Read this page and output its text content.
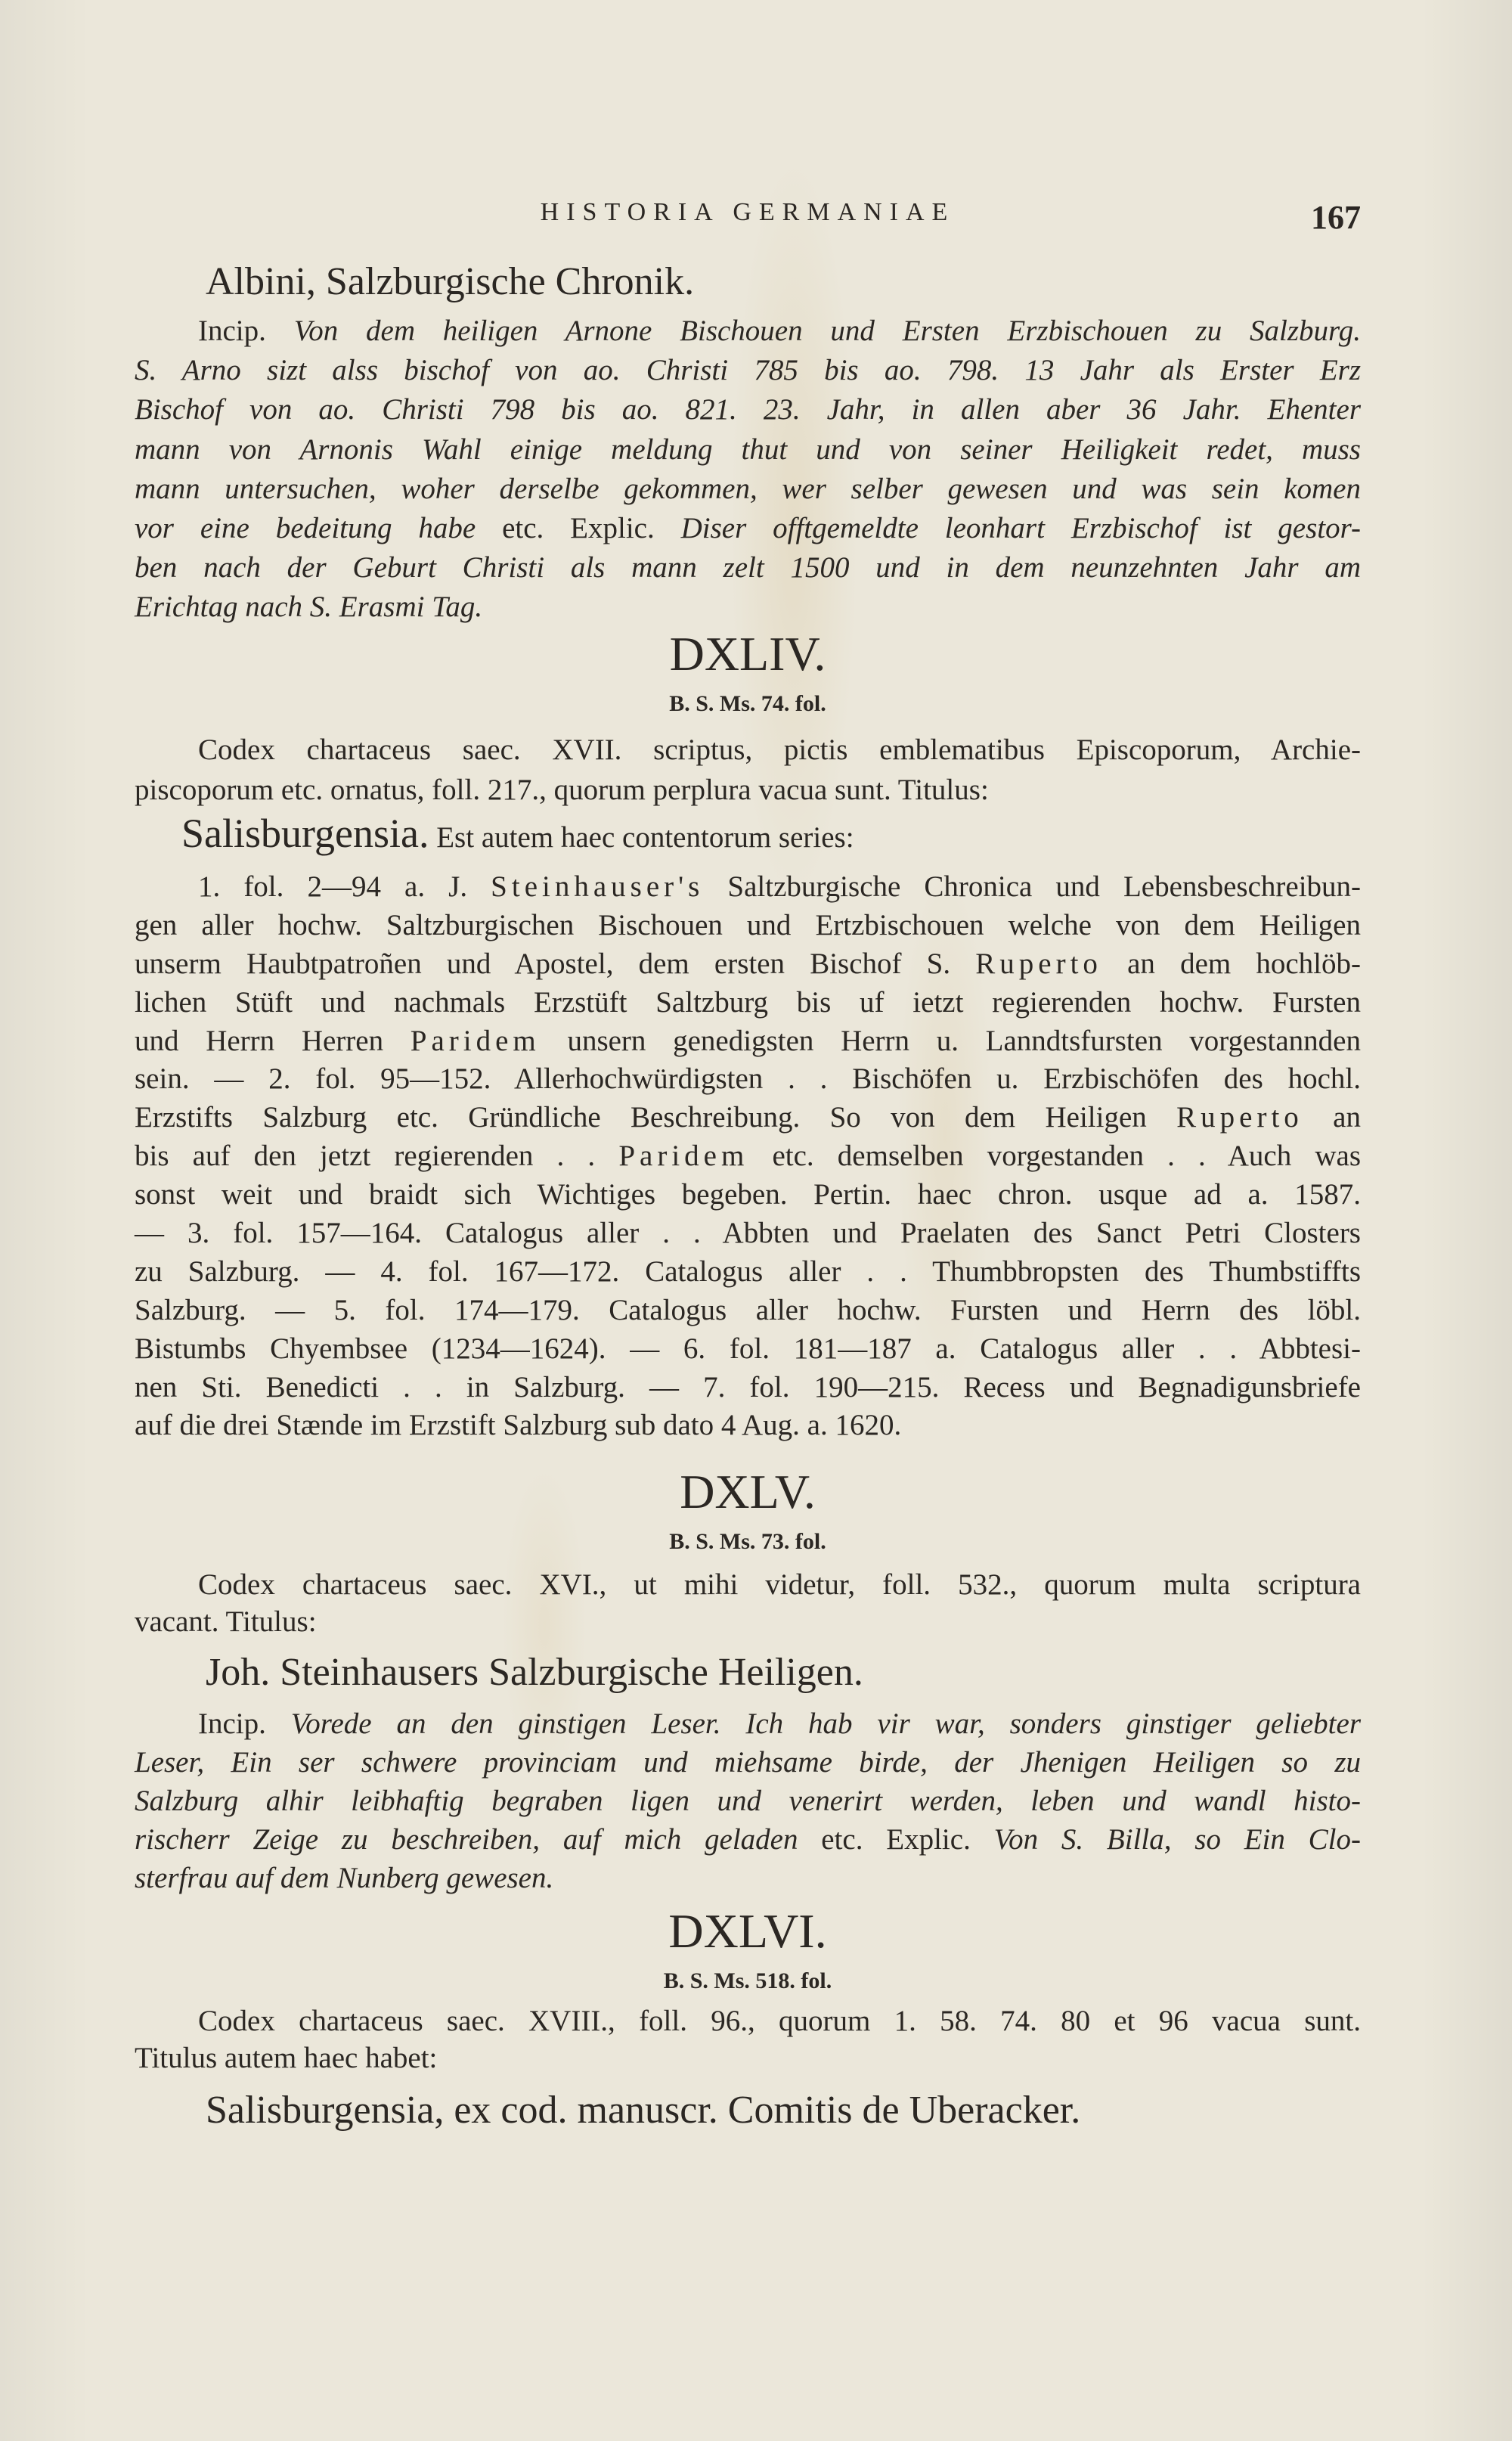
HISTORIA GERMANIAE	167
Albini, Salzburgische Chronik.
Incip. Von dem heiligen Arnone Bischouen und Ersten Erzbischouen zu Salzburg.
S. Arno sizt alss bischof von ao. Christi 785 bis ao. 798. 13 Jahr als Erster Erz
Bischof von ao. Christi 798 bis ao. 821. 23. Jahr, in allen aber 36 Jahr. Ehenter
mann von Arnonis Wahl einige meldung thut und von seiner Heiligkeit redet, muss
mann untersuchen, woher derselbe gekommen, wer selber gewesen und was sein komen
vor eine bedeitung habe etc. Explic. Diser offtgemeldte leonhart Erzbischof ist gestor-
ben nach der Geburt Christi als mann zelt 1500 und in dem neunzehnten Jahr am
Erichtag nach S. Erasmi Tag.
DXLIV.
B. S. Ms. 74. fol.
Codex chartaceus saec. XVII. scriptus, pictis emblematibus Episcoporum, Archie-
piscoporum etc. ornatus, foll. 217., quorum perplura vacua sunt. Titulus:
Salisburgensia. Est autem haec contentorum series:
1. fol. 2—94 a. J. Steinhauser's Saltzburgische Chronica und Lebensbeschreibun-
gen aller hochw. Saltzburgischen Bischouen und Ertzbischouen welche von dem Heiligen
unserm Haubtpatroñen und Apostel, dem ersten Bischof S. Ruperto an dem hochlöb-
lichen Stüft und nachmals Erzstüft Saltzburg bis uf ietzt regierenden hochw. Fursten
und Herrn Herren Paridem unsern genedigsten Herrn u. Lanndtsfursten vorgestannden
sein. — 2. fol. 95—152. Allerhochwürdigsten . . Bischöfen u. Erzbischöfen des hochl.
Erzstifts Salzburg etc. Gründliche Beschreibung. So von dem Heiligen Ruperto an
bis auf den jetzt regierenden . . Paridem etc. demselben vorgestanden . . Auch was
sonst weit und braidt sich Wichtiges begeben. Pertin. haec chron. usque ad a. 1587.
— 3. fol. 157—164. Catalogus aller . . Abbten und Praelaten des Sanct Petri Closters
zu Salzburg. — 4. fol. 167—172. Catalogus aller . . Thumbbropsten des Thumbstiffts
Salzburg. — 5. fol. 174—179. Catalogus aller hochw. Fursten und Herrn des löbl.
Bistumbs Chyembsee (1234—1624). — 6. fol. 181—187 a. Catalogus aller . . Abbtesi-
nen Sti. Benedicti . . in Salzburg. — 7. fol. 190—215. Recess und Begnadigunsbriefe
auf die drei Stænde im Erzstift Salzburg sub dato 4 Aug. a. 1620.
DXLV.
B. S. Ms. 73. fol.
Codex chartaceus saec. XVI., ut mihi videtur, foll. 532., quorum multa scriptura
vacant. Titulus:
Joh. Steinhausers Salzburgische Heiligen.
Incip. Vorede an den ginstigen Leser. Ich hab vir war, sonders ginstiger geliebter
Leser, Ein ser schwere provinciam und miehsame birde, der Jhenigen Heiligen so zu
Salzburg alhir leibhaftig begraben ligen und venerirt werden, leben und wandl histo-
rischerr Zeige zu beschreiben, auf mich geladen etc. Explic. Von S. Billa, so Ein Clo-
sterfrau auf dem Nunberg gewesen.
DXLVI.
B. S. Ms. 518. fol.
Codex chartaceus saec. XVIII., foll. 96., quorum 1. 58. 74. 80 et 96 vacua sunt.
Titulus autem haec habet:
Salisburgensia, ex cod. manuscr. Comitis de Uberacker.
